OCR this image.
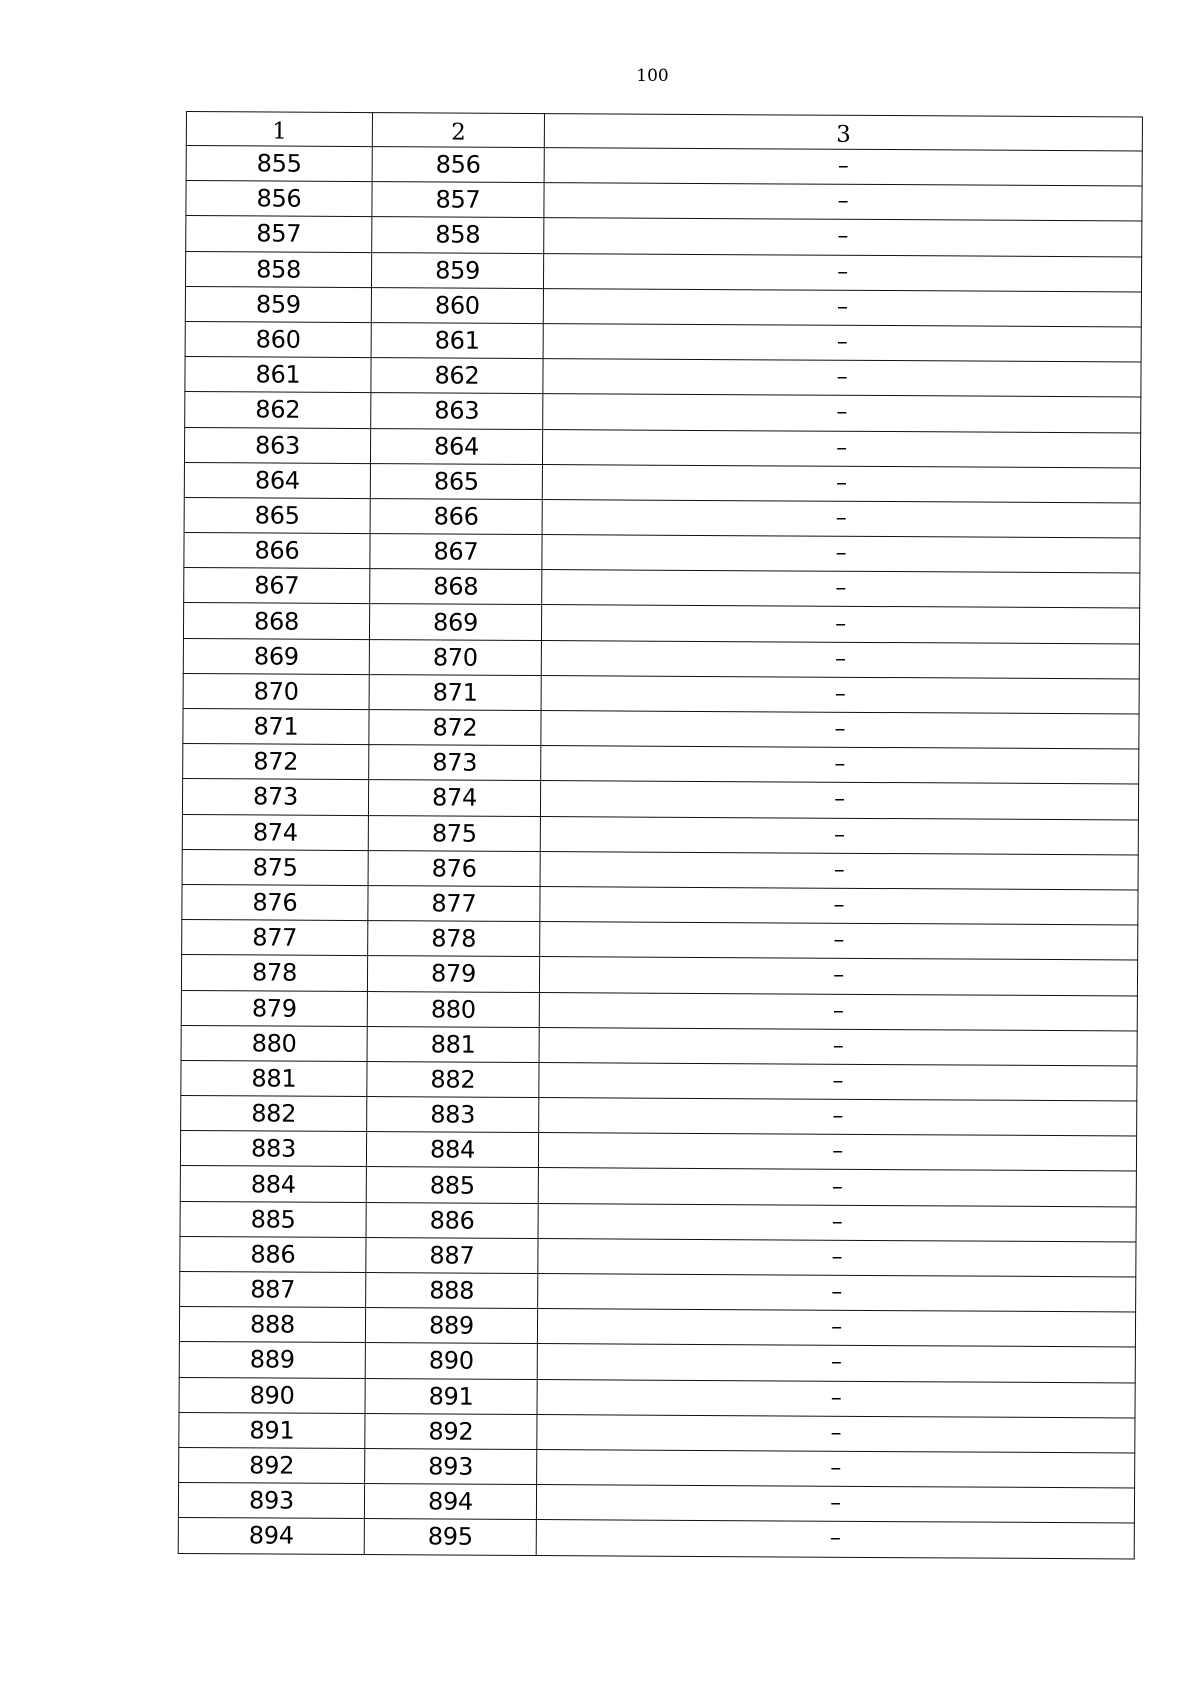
100
1	2	3
855	856	–
856	857	–
857	858	–
858	859	–
859	860	–
860	861	–
861	862	–
862	863	–
863	864	–
864	865	–
865	866	–
866	867	–
867	868	–
868	869	–
869	870	–
870	871	–
871	872	–
872	873	–
873	874	–
874	875	–
875	876	–
876	877	–
877	878	–
878	879	–
879	880	–
880	881	–
881	882	–
882	883	–
883	884	–
884	885	–
885	886	–
886	887	–
887	888	–
888	889	–
889	890	–
890	891	–
891	892	–
892	893	–
893	894	–
894	895	–
